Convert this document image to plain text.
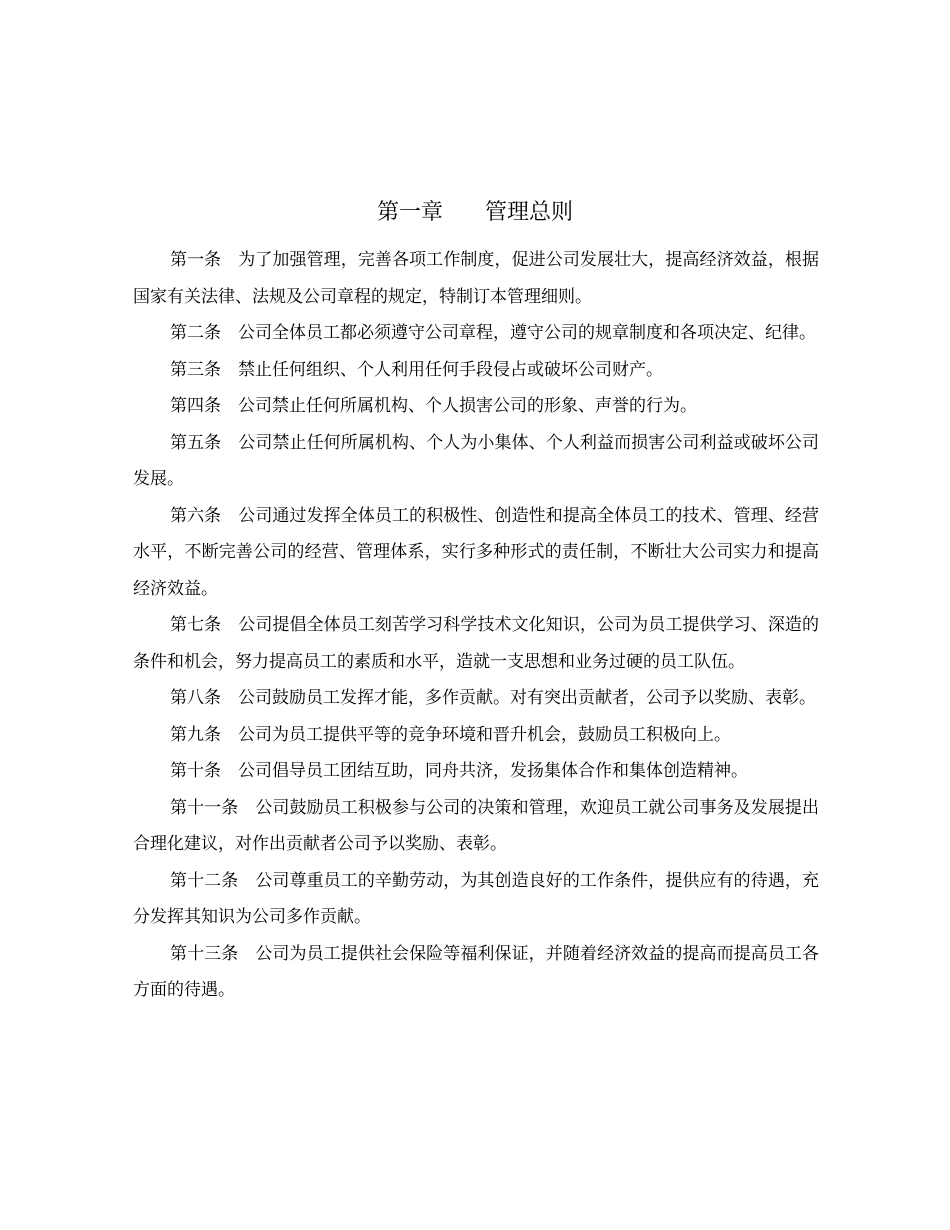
第一章 管理总则

第一条 为了加强管理，完善各项工作制度，促进公司发展壮大，提高经济效益，根据国家有关法律、法规及公司章程的规定，特制订本管理细则。

第二条 公司全体员工都必须遵守公司章程，遵守公司的规章制度和各项决定、纪律。

第三条 禁止任何组织、个人利用任何手段侵占或破坏公司财产。

第四条 公司禁止任何所属机构、个人损害公司的形象、声誉的行为。

第五条 公司禁止任何所属机构、个人为小集体、个人利益而损害公司利益或破坏公司发展。

第六条 公司通过发挥全体员工的积极性、创造性和提高全体员工的技术、管理、经营水平，不断完善公司的经营、管理体系，实行多种形式的责任制，不断壮大公司实力和提高经济效益。

第七条 公司提倡全体员工刻苦学习科学技术文化知识，公司为员工提供学习、深造的条件和机会，努力提高员工的素质和水平，造就一支思想和业务过硬的员工队伍。

第八条 公司鼓励员工发挥才能，多作贡献。对有突出贡献者，公司予以奖励、表彰。

第九条 公司为员工提供平等的竞争环境和晋升机会，鼓励员工积极向上。

第十条 公司倡导员工团结互助，同舟共济，发扬集体合作和集体创造精神。

第十一条 公司鼓励员工积极参与公司的决策和管理，欢迎员工就公司事务及发展提出合理化建议，对作出贡献者公司予以奖励、表彰。

第十二条 公司尊重员工的辛勤劳动，为其创造良好的工作条件，提供应有的待遇，充分发挥其知识为公司多作贡献。

第十三条 公司为员工提供社会保险等福利保证，并随着经济效益的提高而提高员工各方面的待遇。
